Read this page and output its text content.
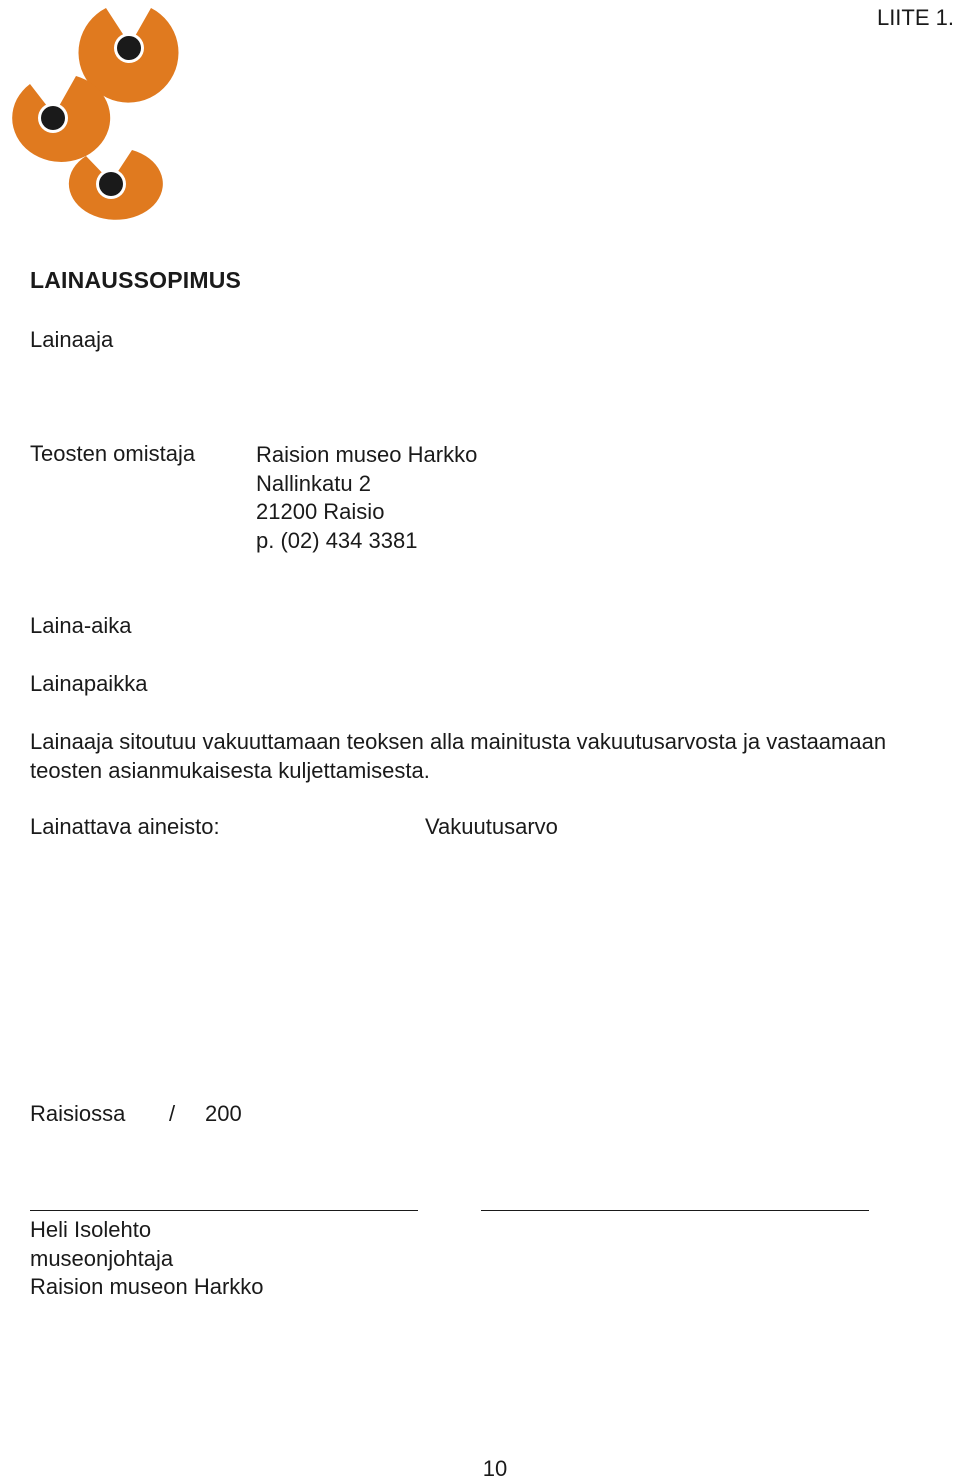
LIITE 1.
LAINAUSSOPIMUS
Lainaaja
Teosten omistaja	Raision museo Harkko
Nallinkatu 2
21200 Raisio
p. (02) 434 3381
Laina-aika
Lainapaikka
Lainaaja sitoutuu vakuuttamaan teoksen alla mainitusta vakuutusarvosta ja vastaamaan teosten asianmukaisesta kuljettamisesta.
Lainattava aineisto:	Vakuutusarvo
Raisiossa / 200
Heli Isolehto
museonjohtaja
Raision museon Harkko
10
